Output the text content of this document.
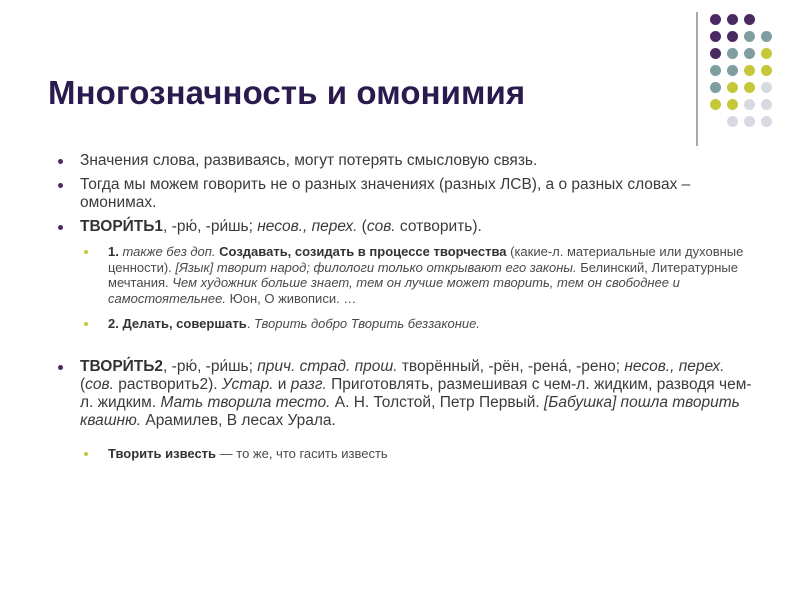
Многозначность и омонимия
Значения слова, развиваясь, могут потерять смысловую связь.
Тогда мы можем говорить не о разных значениях (разных ЛСВ), а о разных словах – омонимах.
ТВОРИ́ТЬ1, -рю́, -ри́шь; несов., перех. (сов. сотворить).
1. также без доп. Создавать, созидать в процессе творчества (какие-л. материальные или духовные ценности). [Язык] творит народ; филологи только открывают его законы. Белинский, Литературные мечтания. Чем художник больше знает, тем он лучше может творить, тем он свободнее и самостоятельнее. Юон, О живописи. …
2. Делать, совершать. Творить добро Творить беззаконие.
ТВОРИ́ТЬ2, -рю́, -ри́шь; прич. страд. прош. творённый, -рён, -рена́, -рено; несов., перех. (сов. растворить2). Устар. и разг. Приготовлять, размешивая с чем-л. жидким, разводя чем-л. жидким. Мать творила тесто. А. Н. Толстой, Петр Первый. [Бабушка] пошла творить квашню. Арамилев, В лесах Урала.
Творить известь — то же, что гасить известь
